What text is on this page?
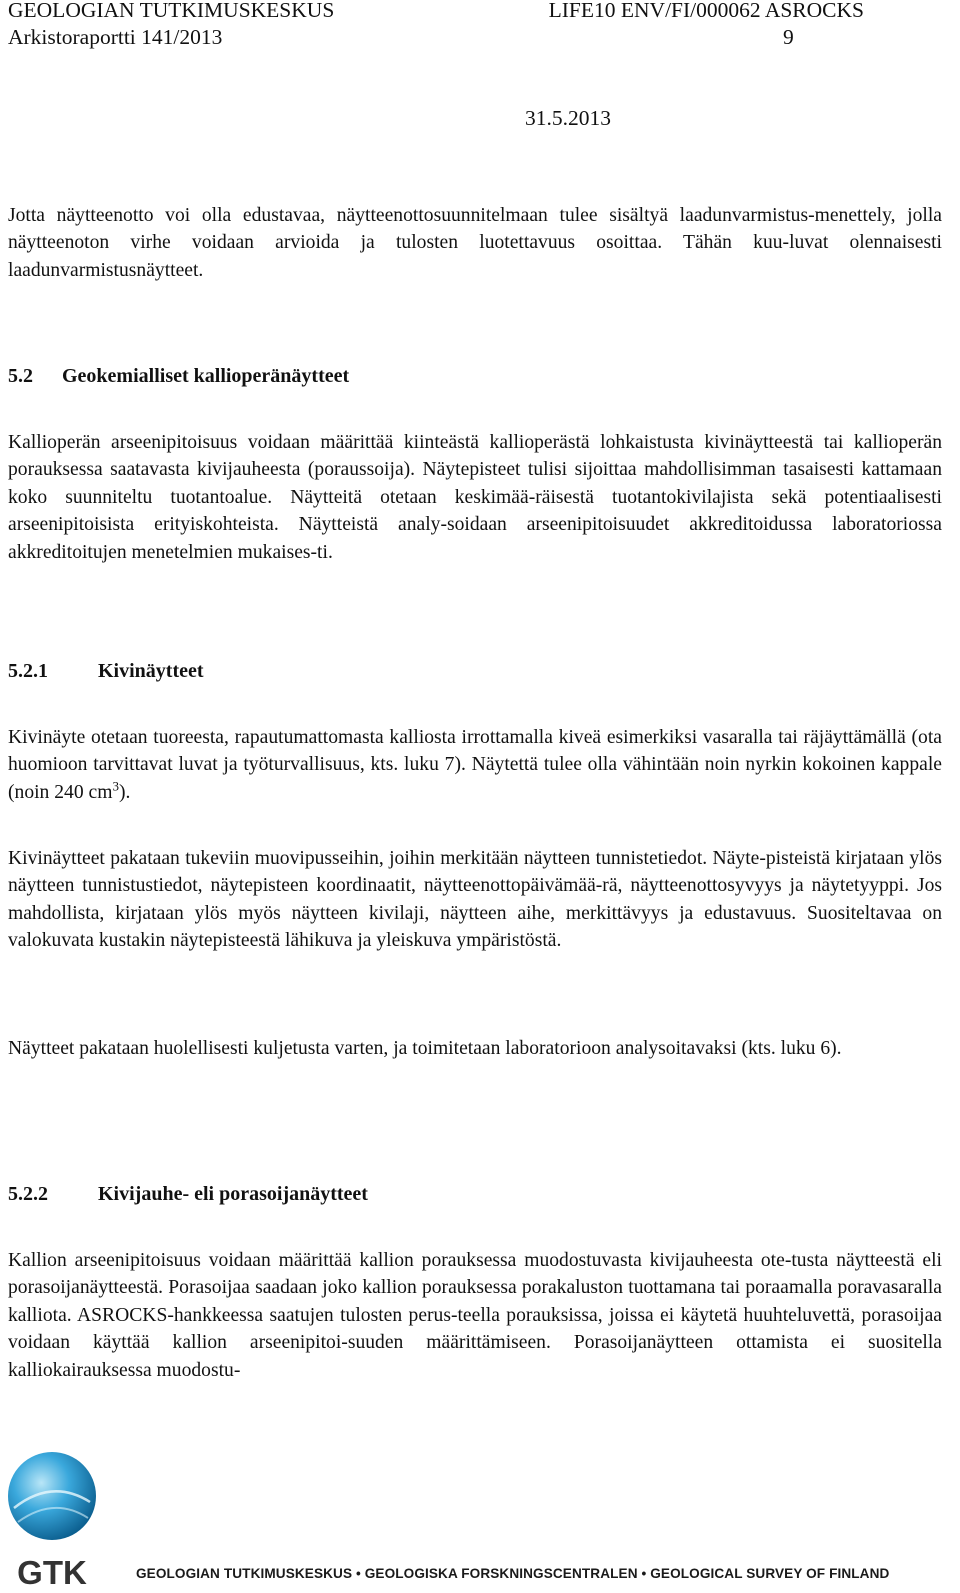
GEOLOGIAN TUTKIMUSKESKUS	LIFE10 ENV/FI/000062 ASROCKS
Arkistoraportti 141/2013	9
31.5.2013

Jotta näytteenotto voi olla edustavaa, näytteenottosuunnitelmaan tulee sisältyä laadunvarmistus-menettely, jolla näytteenoton virhe voidaan arvioida ja tulosten luotettavuus osoittaa. Tähän kuu-luvat olennaisesti laadunvarmistusnäytteet.

5.2 Geokemialliset kallioperänäytteet

Kallioperän arseenipitoisuus voidaan määrittää kiinteästä kallioperästä lohkaistusta kivinäytteestä tai kallioperän porauksessa saatavasta kivijauheesta (poraussoija). Näytepisteet tulisi sijoittaa mahdollisimman tasaisesti kattamaan koko suunniteltu tuotantoalue. Näytteitä otetaan keskimää-räisestä tuotantokivilajista sekä potentiaalisesti arseenipitoisista erityiskohteista. Näytteistä analy-soidaan arseenipitoisuudet akkreditoidussa laboratoriossa akkreditoitujen menetelmien mukaises-ti.

5.2.1	Kivinäytteet

Kivinäyte otetaan tuoreesta, rapautumattomasta kalliosta irrottamalla kiveä esimerkiksi vasaralla tai räjäyttämällä (ota huomioon tarvittavat luvat ja työturvallisuus, kts. luku 7). Näytettä tulee olla vähintään noin nyrkin kokoinen kappale (noin 240 $cm^3$).

Kivinäytteet pakataan tukeviin muovipusseihin, joihin merkitään näytteen tunnistetiedot. Näyte-pisteistä kirjataan ylös näytteen tunnistustiedot, näytepisteen koordinaatit, näytteenottopäivämää-rä, näytteenottosyvyys ja näytetyyppi. Jos mahdollista, kirjataan ylös myös näytteen kivilaji, näytteen aihe, merkittävyys ja edustavuus. Suositeltavaa on valokuvata kustakin näytepisteestä lähikuva ja yleiskuva ympäristöstä.

Näytteet pakataan huolellisesti kuljetusta varten, ja toimitetaan laboratorioon analysoitavaksi (kts. luku 6).

5.2.2	Kivijauhe- eli porasoijanäytteet

Kallion arseenipitoisuus voidaan määrittää kallion porauksessa muodostuvasta kivijauheesta ote-tusta näytteestä eli porasoijanäytteestä. Porasoijaa saadaan joko kallion porauksessa porakaluston tuottamana tai poraamalla poravasaralla kalliota. ASROCKS-hankkeessa saatujen tulosten perus-teella porauksissa, joissa ei käytetä huuhteluvettä, porasoijaa voidaan käyttää kallion arseenipitoi-suuden määrittämiseen. Porasoijanäytteen ottamista ei suositella kalliokairauksessa muodostu-

GTK	GEOLOGIAN TUTKIMUSKESKUS • GEOLOGISKA FORSKNINGSCENTRALEN • GEOLOGICAL SURVEY OF FINLAND
